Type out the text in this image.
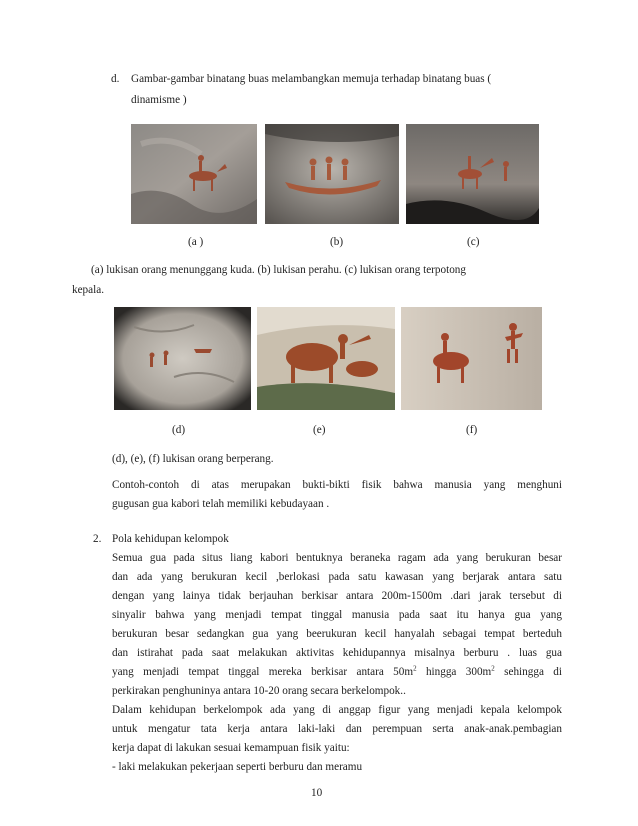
d. Gambar-gambar binatang buas melambangkan memuja terhadap binatang buas (
dinamisme )
(a )	(b)	(c)
(a) lukisan orang menunggang kuda. (b) lukisan perahu. (c) lukisan orang terpotong
kepala.
(d)	(e)	(f)
(d), (e), (f) lukisan orang berperang.
Contoh-contoh di atas merupakan bukti-bikti fisik bahwa manusia yang menghuni
gugusan gua kabori telah memiliki kebudayaan .
2. Pola kehidupan kelompok
Semua gua pada situs liang kabori bentuknya beraneka ragam ada yang berukuran besar
dan ada yang berukuran kecil ,berlokasi pada satu kawasan yang berjarak antara satu
dengan yang lainya tidak berjauhan berkisar antara 200m-1500m .dari jarak tersebut di
sinyalir bahwa yang menjadi tempat tinggal manusia pada saat itu hanya gua yang
berukuran besar sedangkan gua yang beerukuran kecil hanyalah sebagai tempat berteduh
dan istirahat pada saat melakukan aktivitas kehidupannya misalnya berburu . luas gua
yang menjadi tempat tinggal mereka berkisar antara $50m^2$ hingga $300m^2$ sehingga di
perkirakan penghuninya antara 10-20 orang secara berkelompok..
Dalam kehidupan berkelompok ada yang di anggap figur yang menjadi kepala kelompok
untuk mengatur tata kerja antara laki-laki dan perempuan serta anak-anak.pembagian
kerja dapat di lakukan sesuai kemampuan fisik yaitu:
- laki melakukan pekerjaan seperti berburu dan meramu
10
